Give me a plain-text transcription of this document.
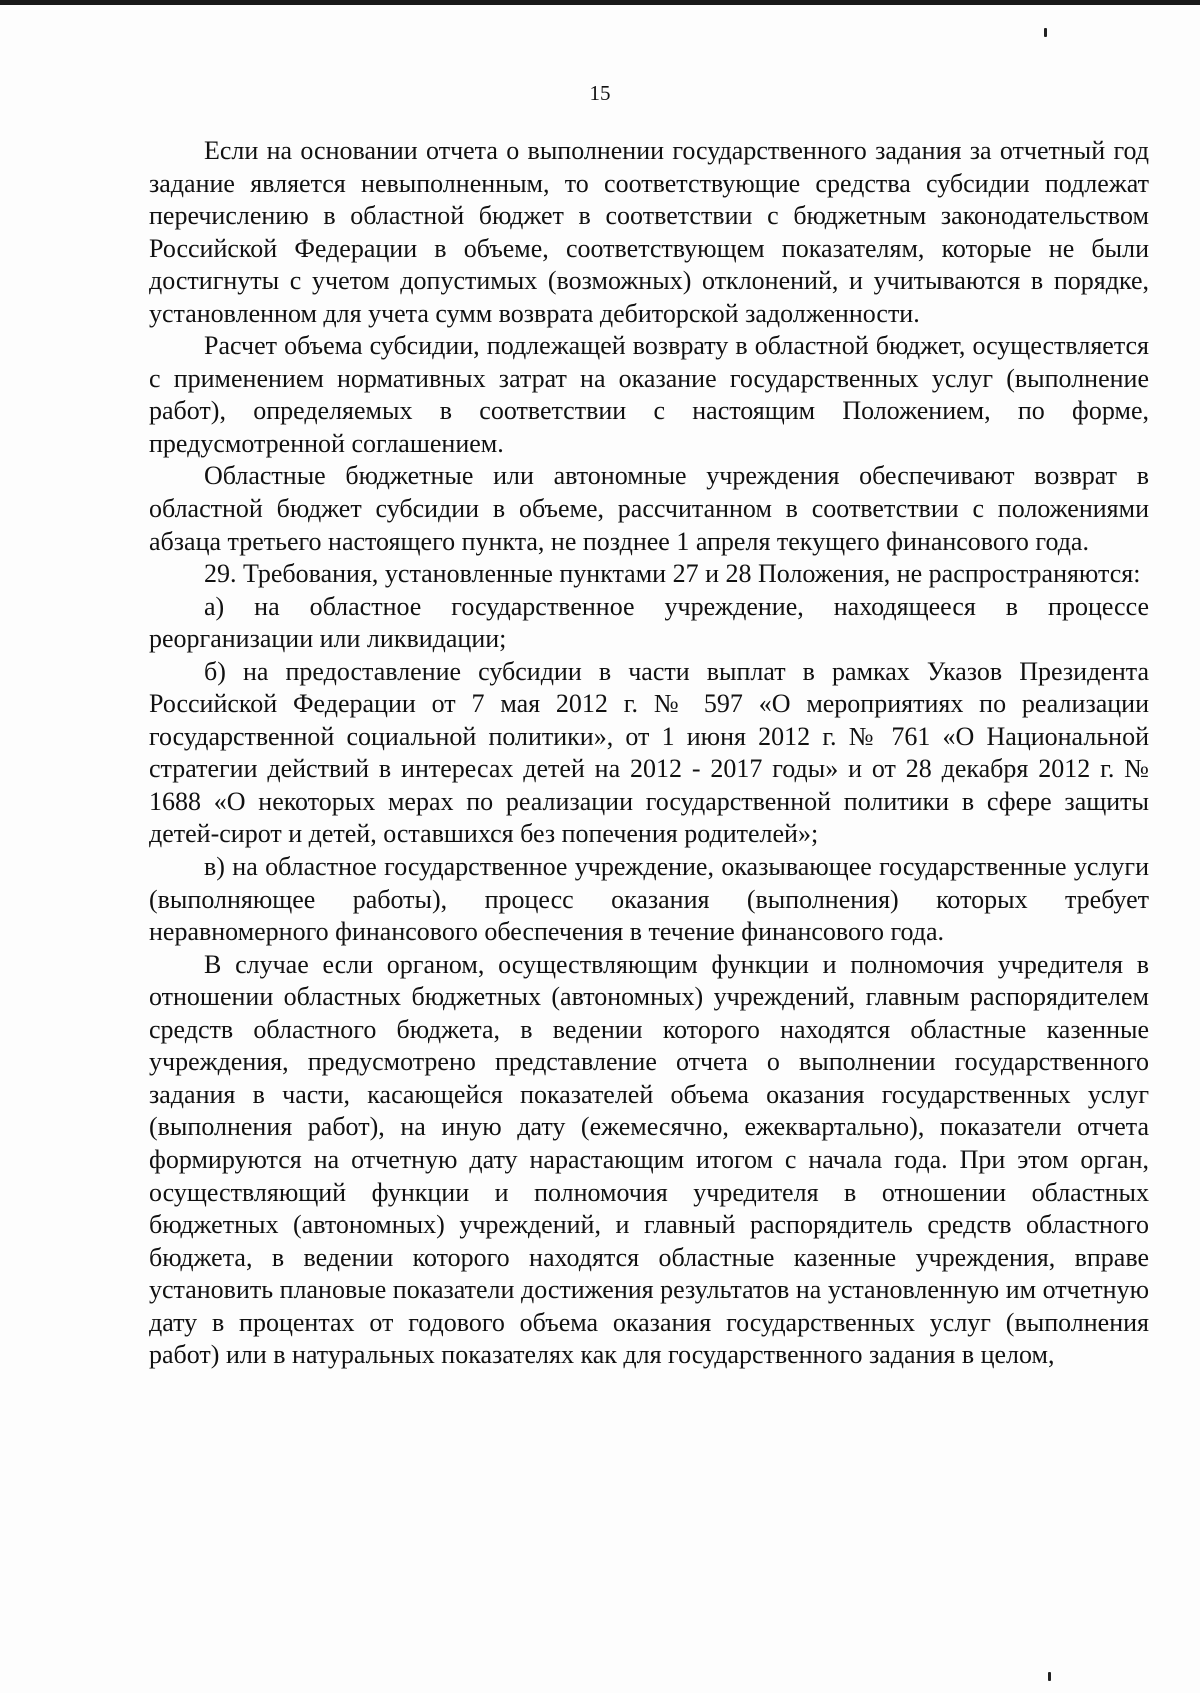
15

Если на основании отчета о выполнении государственного задания за отчетный год задание является невыполненным, то соответствующие средства субсидии подлежат перечислению в областной бюджет в соответствии с бюджетным законодательством Российской Федерации в объеме, соответствующем показателям, которые не были достигнуты с учетом допустимых (возможных) отклонений, и учитываются в порядке, установленном для учета сумм возврата дебиторской задолженности.

Расчет объема субсидии, подлежащей возврату в областной бюджет, осуществляется с применением нормативных затрат на оказание государственных услуг (выполнение работ), определяемых в соответствии с настоящим Положением, по форме, предусмотренной соглашением.

Областные бюджетные или автономные учреждения обеспечивают возврат в областной бюджет субсидии в объеме, рассчитанном в соответствии с положениями абзаца третьего настоящего пункта, не позднее 1 апреля текущего финансового года.

29. Требования, установленные пунктами 27 и 28 Положения, не распространяются:

а) на областное государственное учреждение, находящееся в процессе реорганизации или ликвидации;

б) на предоставление субсидии в части выплат в рамках Указов Президента Российской Федерации от 7 мая 2012 г. № 597 «О мероприятиях по реализации государственной социальной политики», от 1 июня 2012 г. № 761 «О Национальной стратегии действий в интересах детей на 2012 - 2017 годы» и от 28 декабря 2012 г. № 1688 «О некоторых мерах по реализации государственной политики в сфере защиты детей-сирот и детей, оставшихся без попечения родителей»;

в) на областное государственное учреждение, оказывающее государственные услуги (выполняющее работы), процесс оказания (выполнения) которых требует неравномерного финансового обеспечения в течение финансового года.

В случае если органом, осуществляющим функции и полномочия учредителя в отношении областных бюджетных (автономных) учреждений, главным распорядителем средств областного бюджета, в ведении которого находятся областные казенные учреждения, предусмотрено представление отчета о выполнении государственного задания в части, касающейся показателей объема оказания государственных услуг (выполнения работ), на иную дату (ежемесячно, ежеквартально), показатели отчета формируются на отчетную дату нарастающим итогом с начала года. При этом орган, осуществляющий функции и полномочия учредителя в отношении областных бюджетных (автономных) учреждений, и главный распорядитель средств областного бюджета, в ведении которого находятся областные казенные учреждения, вправе установить плановые показатели достижения результатов на установленную им отчетную дату в процентах от годового объема оказания государственных услуг (выполнения работ) или в натуральных показателях как для государственного задания в целом,
